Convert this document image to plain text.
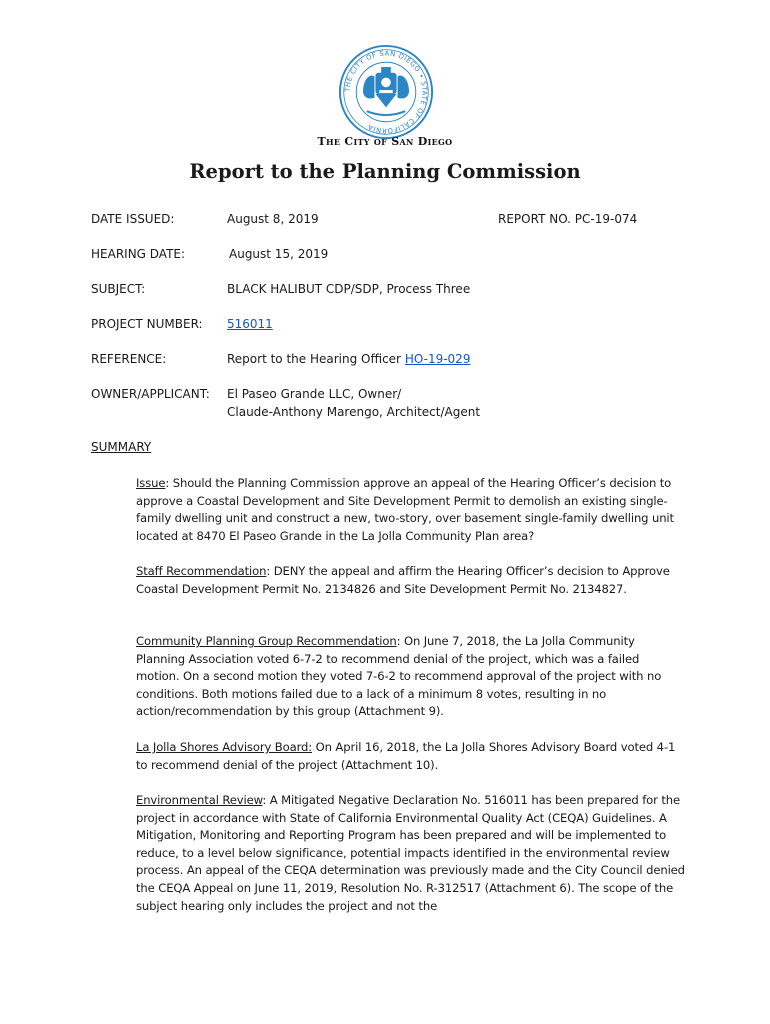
THE CITY OF SAN DIEGO • STATE OF CALIFORNIA
The City of San Diego
Report to the Planning Commission
DATE ISSUED:	August 8, 2019	REPORT NO. PC-19-074
HEARING DATE:	August 15, 2019
SUBJECT:	BLACK HALIBUT CDP/SDP, Process Three
PROJECT NUMBER: 516011
REFERENCE:	Report to the Hearing Officer HO-19-029
OWNER/APPLICANT: El Paseo Grande LLC, Owner/
Claude-Anthony Marengo, Architect/Agent
SUMMARY
Issue: Should the Planning Commission approve an appeal of the Hearing Officer’s decision to approve a Coastal Development and Site Development Permit to demolish an existing single-family dwelling unit and construct a new, two-story, over basement single-family dwelling unit located at 8470 El Paseo Grande in the La Jolla Community Plan area?
Staff Recommendation: DENY the appeal and affirm the Hearing Officer’s decision to Approve Coastal Development Permit No. 2134826 and Site Development Permit No. 2134827.
Community Planning Group Recommendation: On June 7, 2018, the La Jolla Community Planning Association voted 6-7-2 to recommend denial of the project, which was a failed motion. On a second motion they voted 7-6-2 to recommend approval of the project with no conditions. Both motions failed due to a lack of a minimum 8 votes, resulting in no action/recommendation by this group (Attachment 9).
La Jolla Shores Advisory Board: On April 16, 2018, the La Jolla Shores Advisory Board voted 4-1 to recommend denial of the project (Attachment 10).
Environmental Review: A Mitigated Negative Declaration No. 516011 has been prepared for the project in accordance with State of California Environmental Quality Act (CEQA) Guidelines. A Mitigation, Monitoring and Reporting Program has been prepared and will be implemented to reduce, to a level below significance, potential impacts identified in the environmental review process. An appeal of the CEQA determination was previously made and the City Council denied the CEQA Appeal on June 11, 2019, Resolution No. R-312517 (Attachment 6). The scope of the subject hearing only includes the project and not the
